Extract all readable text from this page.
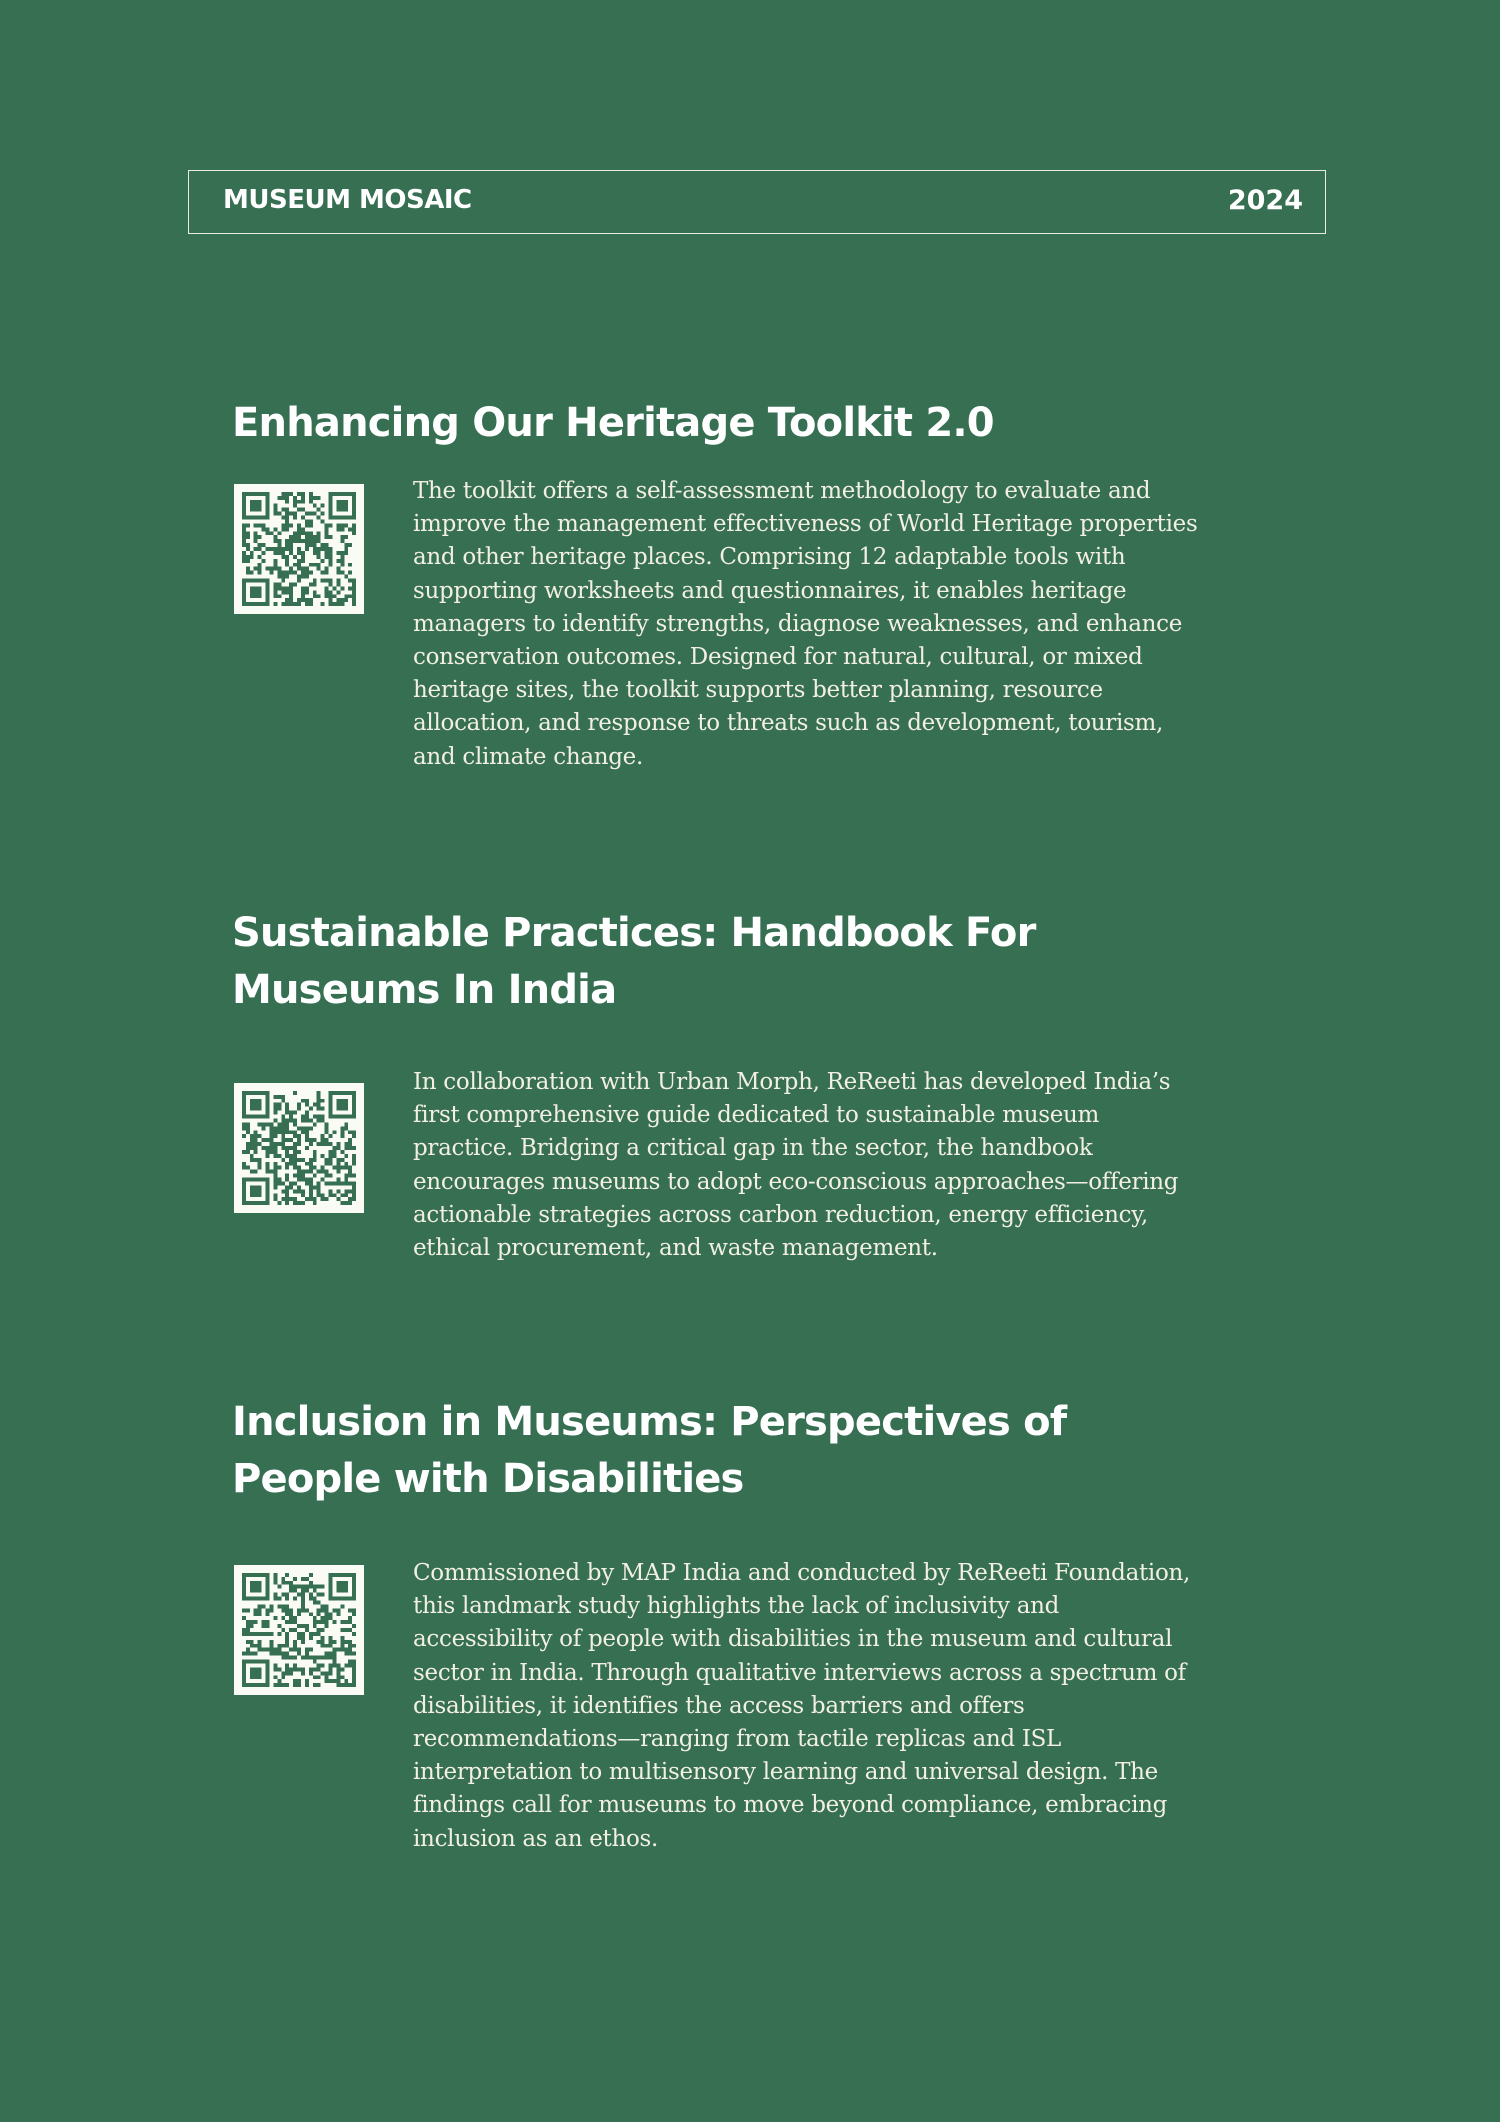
MUSEUM MOSAIC	2024
Enhancing Our Heritage Toolkit 2.0

The toolkit offers a self-assessment methodology to evaluate and improve the management effectiveness of World Heritage properties and other heritage places. Comprising 12 adaptable tools with supporting worksheets and questionnaires, it enables heritage managers to identify strengths, diagnose weaknesses, and enhance conservation outcomes. Designed for natural, cultural, or mixed heritage sites, the toolkit supports better planning, resource allocation, and response to threats such as development, tourism, and climate change.

Sustainable Practices: Handbook For Museums In India

In collaboration with Urban Morph, ReReeti has developed India’s first comprehensive guide dedicated to sustainable museum practice. Bridging a critical gap in the sector, the handbook encourages museums to adopt eco-conscious approaches—offering actionable strategies across carbon reduction, energy efficiency, ethical procurement, and waste management.

Inclusion in Museums: Perspectives of People with Disabilities

Commissioned by MAP India and conducted by ReReeti Foundation, this landmark study highlights the lack of inclusivity and accessibility of people with disabilities in the museum and cultural sector in India. Through qualitative interviews across a spectrum of disabilities, it identifies the access barriers and offers recommendations—ranging from tactile replicas and ISL interpretation to multisensory learning and universal design. The findings call for museums to move beyond compliance, embracing inclusion as an ethos.
